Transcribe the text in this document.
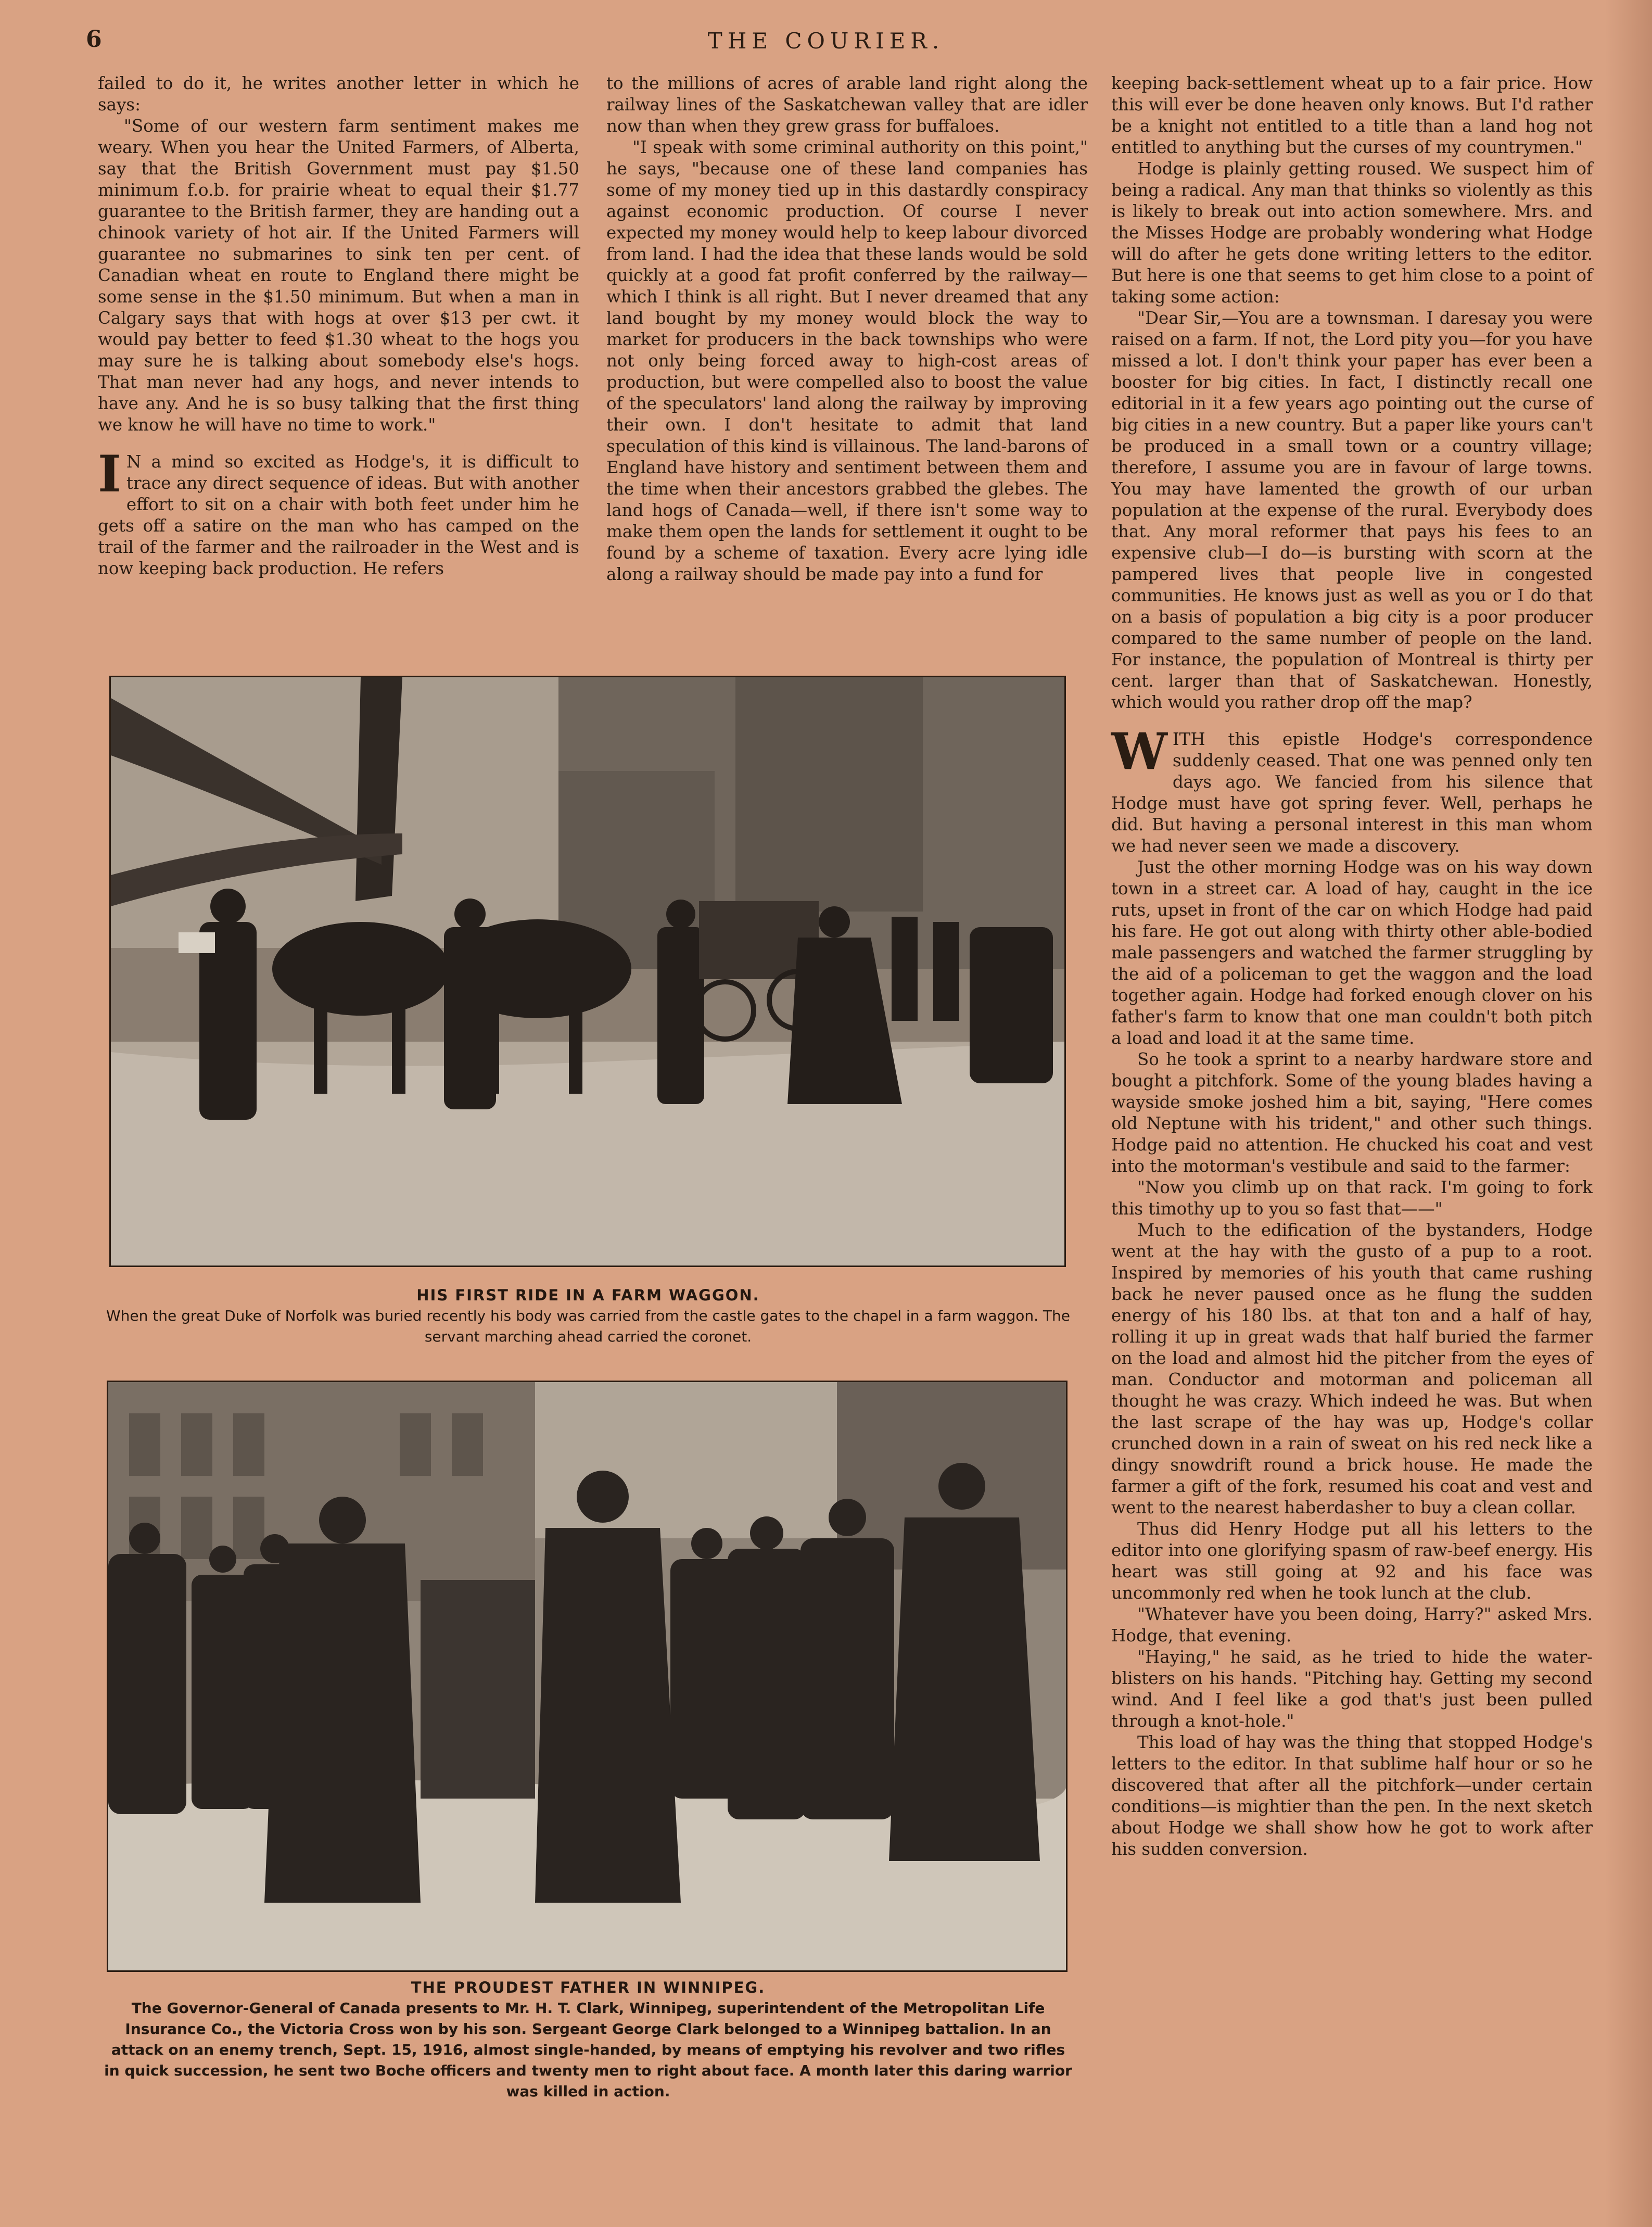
6	THE COURIER.

failed to do it, he writes another letter in which he says:

"Some of our western farm sentiment makes me weary. When you hear the United Farmers, of Alberta, say that the British Government must pay $1.50 minimum f.o.b. for prairie wheat to equal their $1.77 guarantee to the British farmer, they are handing out a chinook variety of hot air. If the United Farmers will guarantee no submarines to sink ten per cent. of Canadian wheat en route to England there might be some sense in the $1.50 minimum. But when a man in Calgary says that with hogs at over $13 per cwt. it would pay better to feed $1.30 wheat to the hogs you may sure he is talking about somebody else's hogs. That man never had any hogs, and never intends to have any. And he is so busy talking that the first thing we know he will have no time to work."

I N a mind so excited as Hodge's, it is difficult to trace any direct sequence of ideas. But with another effort to sit on a chair with both feet under him he gets off a satire on the man who has camped on the trail of the farmer and the railroader in the West and is now keeping back production. He refers

to the millions of acres of arable land right along the railway lines of the Saskatchewan valley that are idler now than when they grew grass for buffaloes.

"I speak with some criminal authority on this point," he says, "because one of these land companies has some of my money tied up in this dastardly conspiracy against economic production. Of course I never expected my money would help to keep labour divorced from land. I had the idea that these lands would be sold quickly at a good fat profit conferred by the railway—which I think is all right. But I never dreamed that any land bought by my money would block the way to market for producers in the back townships who were not only being forced away to high-cost areas of production, but were compelled also to boost the value of the speculators' land along the railway by improving their own. I don't hesitate to admit that land speculation of this kind is villainous. The land-barons of England have history and sentiment between them and the time when their ancestors grabbed the glebes. The land hogs of Canada—well, if there isn't some way to make them open the lands for settlement it ought to be found by a scheme of taxation. Every acre lying idle along a railway should be made pay into a fund for

keeping back-settlement wheat up to a fair price. How this will ever be done heaven only knows. But I'd rather be a knight not entitled to a title than a land hog not entitled to anything but the curses of my countrymen."

Hodge is plainly getting roused. We suspect him of being a radical. Any man that thinks so violently as this is likely to break out into action somewhere. Mrs. and the Misses Hodge are probably wondering what Hodge will do after he gets done writing letters to the editor. But here is one that seems to get him close to a point of taking some action:

"Dear Sir,—You are a townsman. I daresay you were raised on a farm. If not, the Lord pity you—for you have missed a lot. I don't think your paper has ever been a booster for big cities. In fact, I distinctly recall one editorial in it a few years ago pointing out the curse of big cities in a new country. But a paper like yours can't be produced in a small town or a country village; therefore, I assume you are in favour of large towns. You may have lamented the growth of our urban population at the expense of the rural. Everybody does that. Any moral reformer that pays his fees to an expensive club—I do—is bursting with scorn at the pampered lives that people live in congested communities. He knows just as well as you or I do that on a basis of population a big city is a poor producer compared to the same number of people on the land. For instance, the population of Montreal is thirty per cent. larger than that of Saskatchewan. Honestly, which would you rather drop off the map?

WITH this epistle Hodge's correspondence suddenly ceased. That one was penned only ten days ago. We fancied from his silence that Hodge must have got spring fever. Well, perhaps he did. But having a personal interest in this man whom we had never seen we made a discovery.

Just the other morning Hodge was on his way down town in a street car. A load of hay, caught in the ice ruts, upset in front of the car on which Hodge had paid his fare. He got out along with thirty other able-bodied male passengers and watched the farmer struggling by the aid of a policeman to get the waggon and the load together again. Hodge had forked enough clover on his father's farm to know that one man couldn't both pitch a load and load it at the same time.

So he took a sprint to a nearby hardware store and bought a pitchfork. Some of the young blades having a wayside smoke joshed him a bit, saying, "Here comes old Neptune with his trident," and other such things. Hodge paid no attention. He chucked his coat and vest into the motorman's vestibule and said to the farmer:

"Now you climb up on that rack. I'm going to fork this timothy up to you so fast that——"

Much to the edification of the bystanders, Hodge went at the hay with the gusto of a pup to a root. Inspired by memories of his youth that came rushing back he never paused once as he flung the sudden energy of his 180 lbs. at that ton and a half of hay, rolling it up in great wads that half buried the farmer on the load and almost hid the pitcher from the eyes of man. Conductor and motorman and policeman all thought he was crazy. Which indeed he was. But when the last scrape of the hay was up, Hodge's collar crunched down in a rain of sweat on his red neck like a dingy snowdrift round a brick house. He made the farmer a gift of the fork, resumed his coat and vest and went to the nearest haberdasher to buy a clean collar.

Thus did Henry Hodge put all his letters to the editor into one glorifying spasm of raw-beef energy. His heart was still going at 92 and his face was uncommonly red when he took lunch at the club.

"Whatever have you been doing, Harry?" asked Mrs. Hodge, that evening.

"Haying," he said, as he tried to hide the water-blisters on his hands. "Pitching hay. Getting my second wind. And I feel like a god that's just been pulled through a knot-hole."

This load of hay was the thing that stopped Hodge's letters to the editor. In that sublime half hour or so he discovered that after all the pitchfork—under certain conditions—is mightier than the pen. In the next sketch about Hodge we shall show how he got to work after his sudden conversion.

HIS FIRST RIDE IN A FARM WAGGON.
When the great Duke of Norfolk was buried recently his body was carried from the castle gates to the chapel in a farm waggon. The servant marching ahead carried the coronet.
THE PROUDEST FATHER IN WINNIPEG.
The Governor-General of Canada presents to Mr. H. T. Clark, Winnipeg, superintendent of the Metropolitan Life Insurance Co., the Victoria Cross won by his son. Sergeant George Clark belonged to a Winnipeg battalion. In an attack on an enemy trench, Sept. 15, 1916, almost single-handed, by means of emptying his revolver and two rifles in quick succession, he sent two Boche officers and twenty men to right about face. A month later this daring warrior was killed in action.
